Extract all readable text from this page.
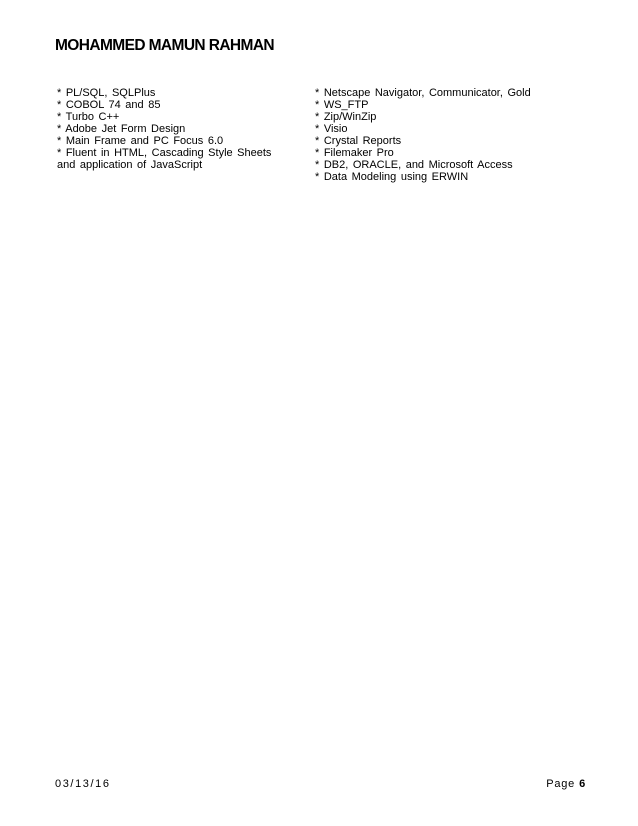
MOHAMMED MAMUN RAHMAN

* PL/SQL, SQLPlus

* COBOL 74 and 85

* Turbo C++

* Adobe Jet Form Design

* Main Frame and PC Focus 6.0

* Fluent in HTML, Cascading Style Sheets and application of JavaScript

* Netscape Navigator, Communicator, Gold

* WS_FTP

* Zip/WinZip

* Visio

* Crystal Reports

* Filemaker Pro

* DB2, ORACLE, and Microsoft Access

* Data Modeling using ERWIN

03/13/16	Page 6
